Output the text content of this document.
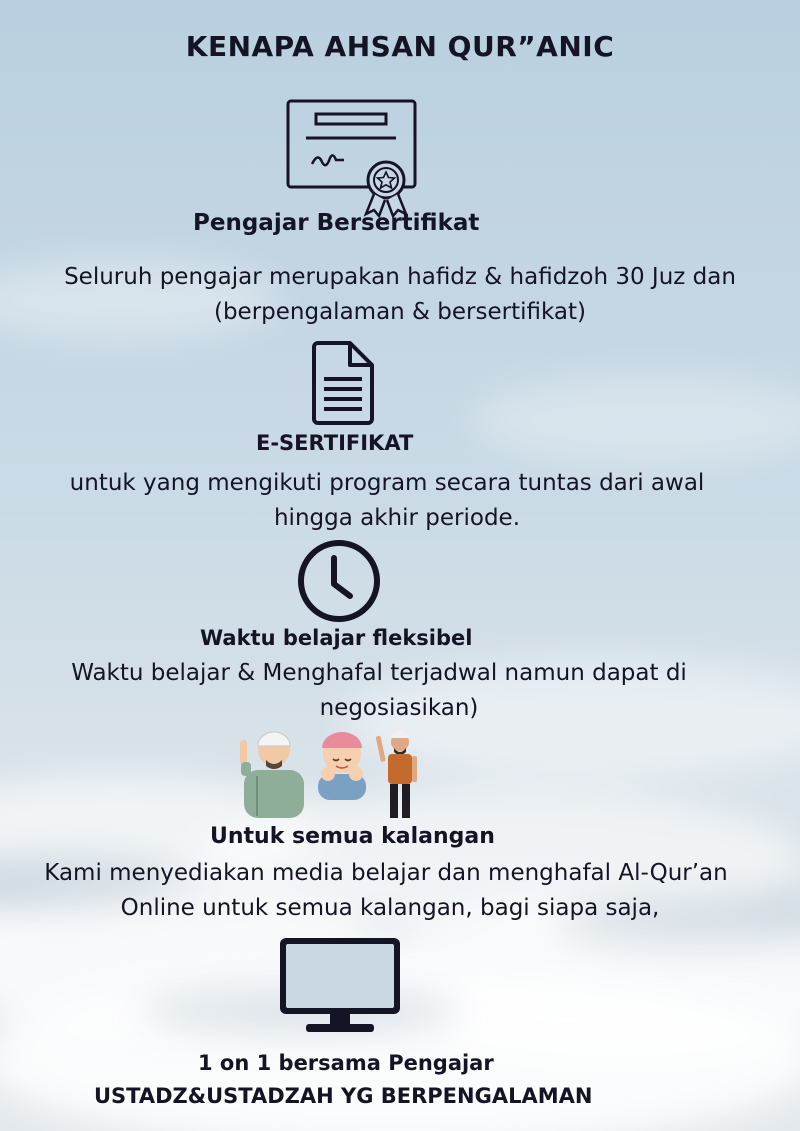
KENAPA AHSAN QUR”ANIC
Pengajar Bersertifikat
Seluruh pengajar merupakan hafidz & hafidzoh 30 Juz dan
(berpengalaman & bersertifikat)
E-SERTIFIKAT
untuk yang mengikuti program secara tuntas dari awal
hingga akhir periode.
Waktu belajar fleksibel
Waktu belajar & Menghafal terjadwal namun dapat di
negosiasikan)
Untuk semua kalangan
Kami menyediakan media belajar dan menghafal Al-Qur’an
Online untuk semua kalangan, bagi siapa saja,
1 on 1 bersama Pengajar
USTADZ&USTADZAH YG BERPENGALAMAN
